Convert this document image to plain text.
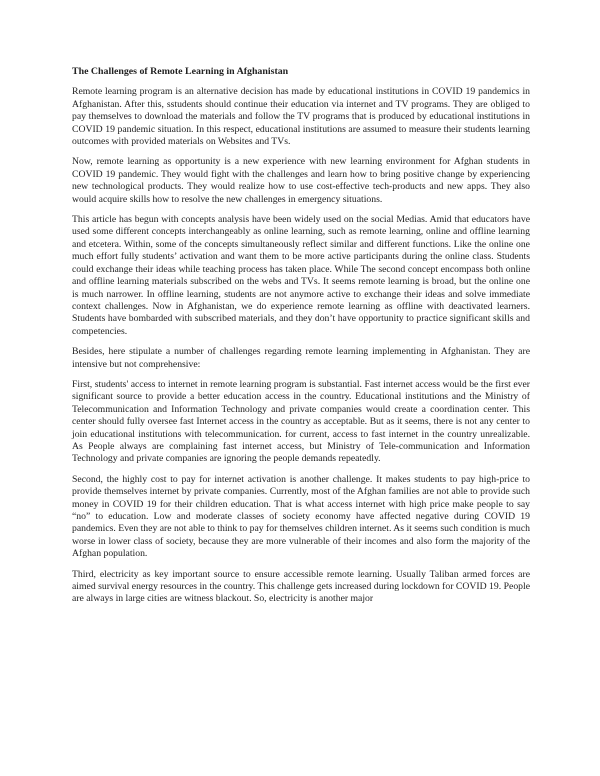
The Challenges of Remote Learning in Afghanistan

Remote learning program is an alternative decision has made by educational institutions in COVID 19 pandemics in Afghanistan. After this, sstudents should continue their education via internet and TV programs. They are obliged to pay themselves to download the materials and follow the TV programs that is produced by educational institutions in COVID 19 pandemic situation. In this respect, educational institutions are assumed to measure their students learning outcomes with provided materials on Websites and TVs.

Now, remote learning as opportunity is a new experience with new learning environment for Afghan students in COVID 19 pandemic. They would fight with the challenges and learn how to bring positive change by experiencing new technological products. They would realize how to use cost-effective tech-products and new apps. They also would acquire skills how to resolve the new challenges in emergency situations.

This article has begun with concepts analysis have been widely used on the social Medias. Amid that educators have used some different concepts interchangeably as online learning, such as remote learning, online and offline learning and etcetera. Within, some of the concepts simultaneously reflect similar and different functions. Like the online one much effort fully students’ activation and want them to be more active participants during the online class. Students could exchange their ideas while teaching process has taken place. While The second concept encompass both online and offline learning materials subscribed on the webs and TVs. It seems remote learning is broad, but the online one is much narrower. In offline learning, students are not anymore active to exchange their ideas and solve immediate context challenges. Now in Afghanistan, we do experience remote learning as offline with deactivated learners. Students have bombarded with subscribed materials, and they don’t have opportunity to practice significant skills and competencies.

Besides, here stipulate a number of challenges regarding remote learning implementing in Afghanistan. They are intensive but not comprehensive:

First, students' access to internet in remote learning program is substantial. Fast internet access would be the first ever significant source to provide a better education access in the country. Educational institutions and the Ministry of Telecommunication and Information Technology and private companies would create a coordination center. This center should fully oversee fast Internet access in the country as acceptable. But as it seems, there is not any center to join educational institutions with telecommunication. for current, access to fast internet in the country unrealizable. As People always are complaining fast internet access, but Ministry of Tele-communication and Information Technology and private companies are ignoring the people demands repeatedly.

Second, the highly cost to pay for internet activation is another challenge. It makes students to pay high-price to provide themselves internet by private companies. Currently, most of the Afghan families are not able to provide such money in COVID 19 for their children education. That is what access internet with high price make people to say “no” to education. Low and moderate classes of society economy have affected negative during COVID 19 pandemics. Even they are not able to think to pay for themselves children internet. As it seems such condition is much worse in lower class of society, because they are more vulnerable of their incomes and also form the majority of the Afghan population.

Third, electricity as key important source to ensure accessible remote learning. Usually Taliban armed forces are aimed survival energy resources in the country. This challenge gets increased during lockdown for COVID 19. People are always in large cities are witness blackout. So, electricity is another major
